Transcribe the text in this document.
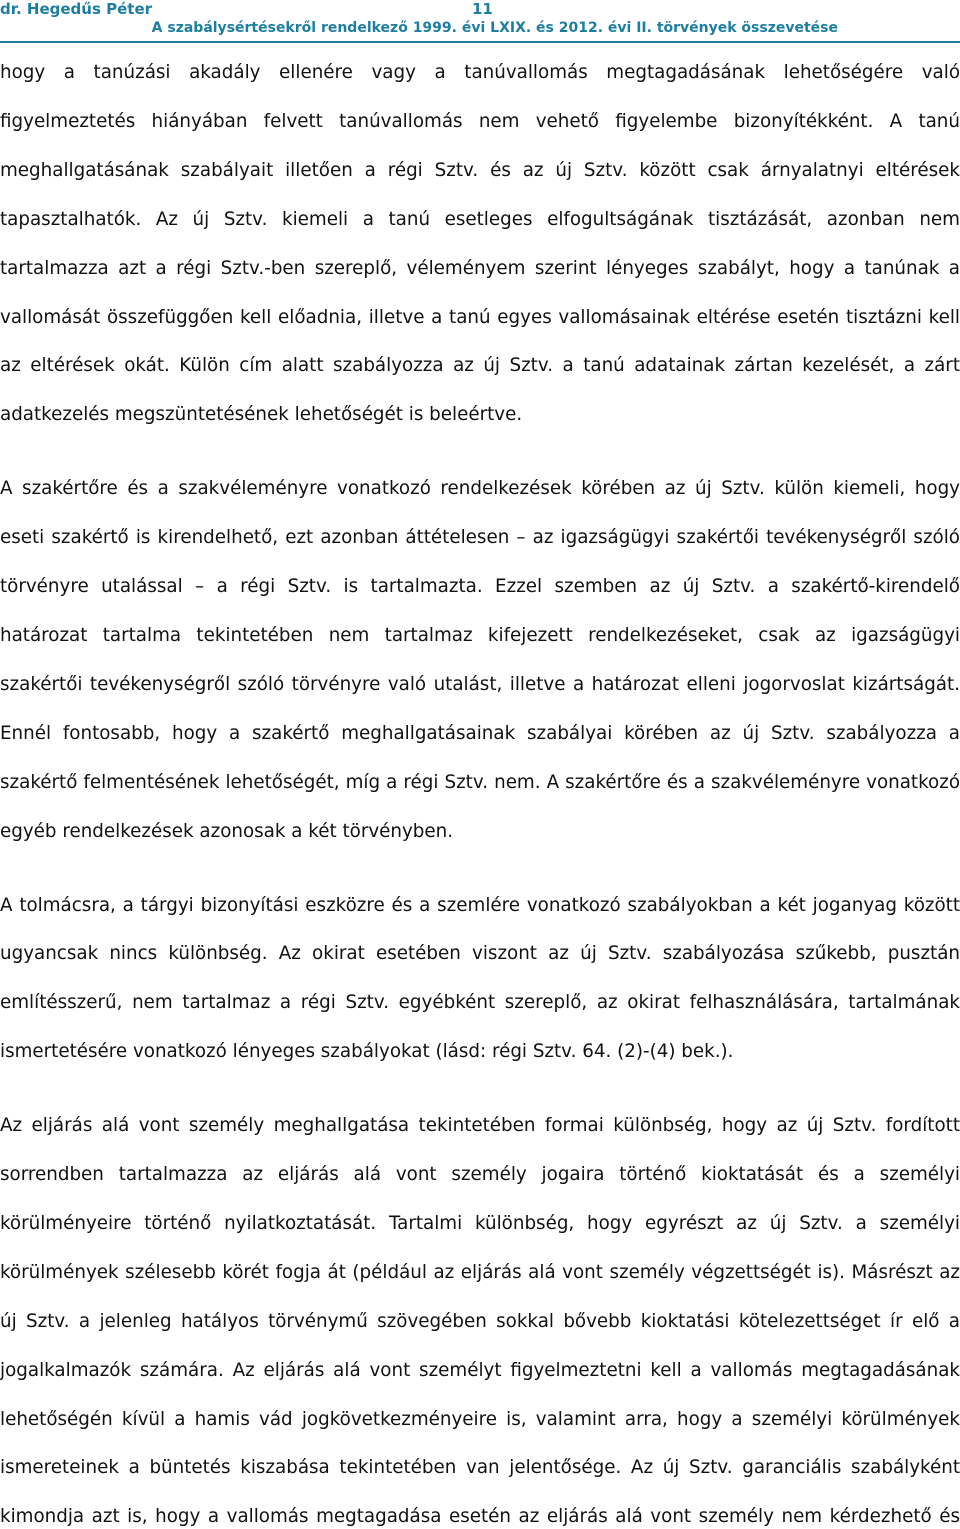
dr. Hegedűs Péter	11
A szabálysértésekről rendelkező 1999. évi LXIX. és 2012. évi II. törvények összevetése

hogy a tanúzási akadály ellenére vagy a tanúvallomás megtagadásának lehetőségére való figyelmeztetés hiányában felvett tanúvallomás nem vehető figyelembe bizonyítékként. A tanú meghallgatásának szabályait illetően a régi Sztv. és az új Sztv. között csak árnyalatnyi eltérések tapasztalhatók. Az új Sztv. kiemeli a tanú esetleges elfogultságának tisztázását, azonban nem tartalmazza azt a régi Sztv.-ben szereplő, véleményem szerint lényeges szabályt, hogy a tanúnak a vallomását összefüggően kell előadnia, illetve a tanú egyes vallomásainak eltérése esetén tisztázni kell az eltérések okát. Külön cím alatt szabályozza az új Sztv. a tanú adatainak zártan kezelését, a zárt adatkezelés megszüntetésének lehetőségét is beleértve.

A szakértőre és a szakvéleményre vonatkozó rendelkezések körében az új Sztv. külön kiemeli, hogy eseti szakértő is kirendelhető, ezt azonban áttételesen – az igazságügyi szakértői tevékenységről szóló törvényre utalással – a régi Sztv. is tartalmazta. Ezzel szemben az új Sztv. a szakértő-kirendelő határozat tartalma tekintetében nem tartalmaz kifejezett rendelkezéseket, csak az igazságügyi szakértői tevékenységről szóló törvényre való utalást, illetve a határozat elleni jogorvoslat kizártságát. Ennél fontosabb, hogy a szakértő meghallgatásainak szabályai körében az új Sztv. szabályozza a szakértő felmentésének lehetőségét, míg a régi Sztv. nem. A szakértőre és a szakvéleményre vonatkozó egyéb rendelkezések azonosak a két törvényben.

A tolmácsra, a tárgyi bizonyítási eszközre és a szemlére vonatkozó szabályokban a két joganyag között ugyancsak nincs különbség. Az okirat esetében viszont az új Sztv. szabályozása szűkebb, pusztán említésszerű, nem tartalmaz a régi Sztv. egyébként szereplő, az okirat felhasználására, tartalmának ismertetésére vonatkozó lényeges szabályokat (lásd: régi Sztv. 64. (2)-(4) bek.).

Az eljárás alá vont személy meghallgatása tekintetében formai különbség, hogy az új Sztv. fordított sorrendben tartalmazza az eljárás alá vont személy jogaira történő kioktatását és a személyi körülményeire történő nyilatkoztatását. Tartalmi különbség, hogy egyrészt az új Sztv. a személyi körülmények szélesebb körét fogja át (például az eljárás alá vont személy végzettségét is). Másrészt az új Sztv. a jelenleg hatályos törvénymű szövegében sokkal bővebb kioktatási kötelezettséget ír elő a jogalkalmazók számára. Az eljárás alá vont személyt figyelmeztetni kell a vallomás megtagadásának lehetőségén kívül a hamis vád jogkövetkezményeire is, valamint arra, hogy a személyi körülmények ismereteinek a büntetés kiszabása tekintetében van jelentősége. Az új Sztv. garanciális szabályként kimondja azt is, hogy a vallomás megtagadása esetén az eljárás alá vont személy nem kérdezhető és
